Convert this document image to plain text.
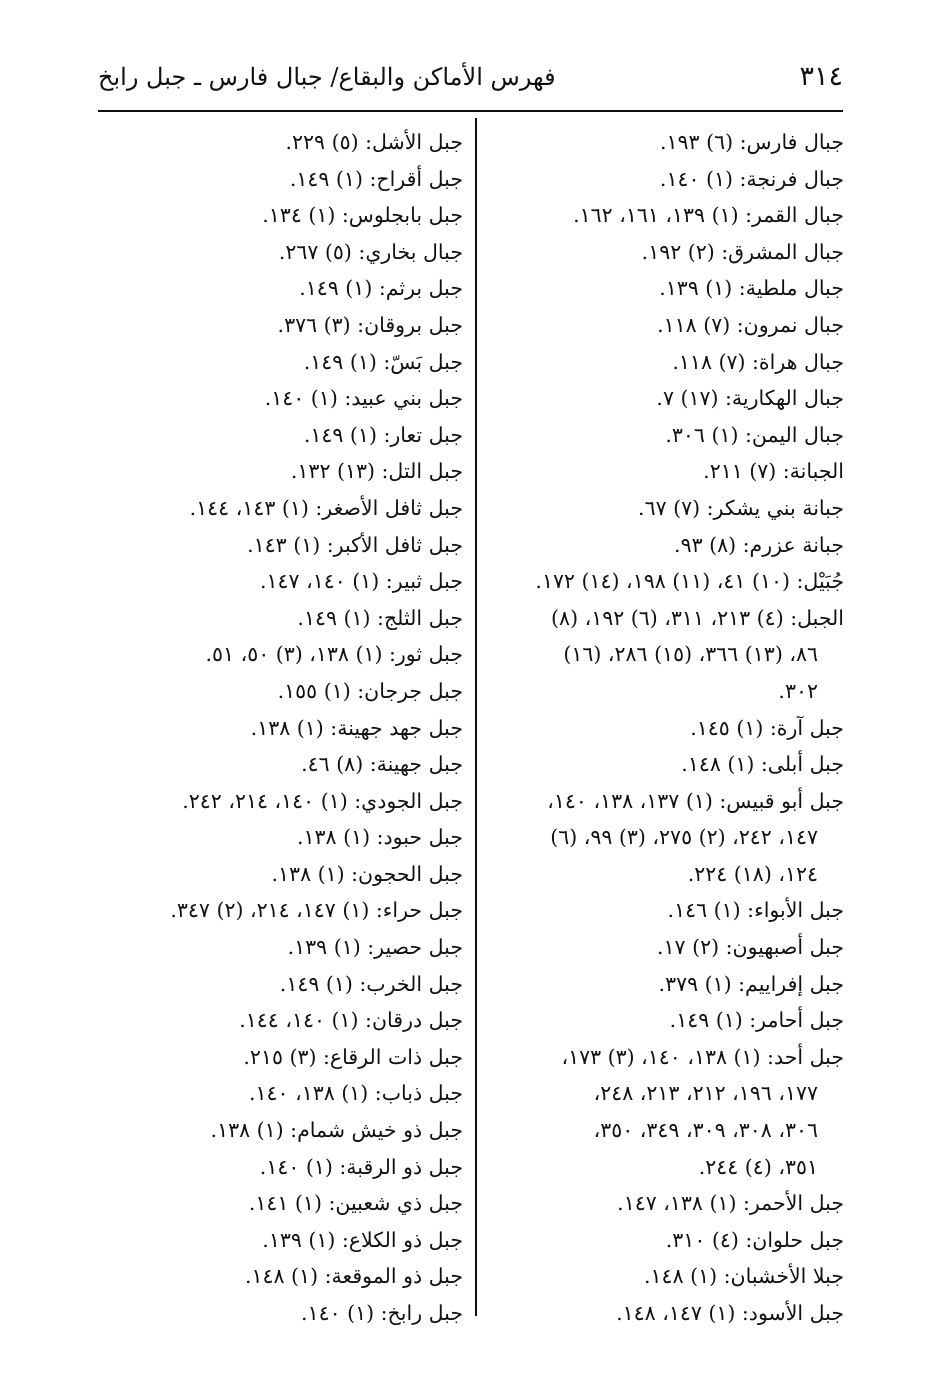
٣١٤
فهرس الأماكن والبقاع/ جبال فارس ـ جبل رابخ
جبال فارس: (٦) ١٩٣.
جبال فرنجة: (١) ١٤٠.
جبال القمر: (١) ١٣٩، ١٦١، ١٦٢.
جبال المشرق: (٢) ١٩٢.
جبال ملطية: (١) ١٣٩.
جبال نمرون: (٧) ١١٨.
جبال هراة: (٧) ١١٨.
جبال الهكارية: (١٧) ٧.
جبال اليمن: (١) ٣٠٦.
الجبانة: (٧) ٢١١.
جبانة بني يشكر: (٧) ٦٧.
جبانة عزرم: (٨) ٩٣.
جُبَيْل: (١٠) ٤١، (١١) ١٩٨، (١٤) ١٧٢.
الجبل: (٤) ٢١٣، ٣١١، (٦) ١٩٢، (٨)
٨٦، (١٣) ٣٦٦، (١٥) ٢٨٦، (١٦)
٣٠٢.
جبل آرة: (١) ١٤٥.
جبل أبلى: (١) ١٤٨.
جبل أبو قبيس: (١) ١٣٧، ١٣٨، ١٤٠،
١٤٧، ٢٤٢، (٢) ٢٧٥، (٣) ٩٩، (٦)
١٢٤، (١٨) ٢٢٤.
جبل الأبواء: (١) ١٤٦.
جبل أصبهيون: (٢) ١٧.
جبل إفراييم: (١) ٣٧٩.
جبل أحامر: (١) ١٤٩.
جبل أحد: (١) ١٣٨، ١٤٠، (٣) ١٧٣،
١٧٧، ١٩٦، ٢١٢، ٢١٣، ٢٤٨،
٣٠٦، ٣٠٨، ٣٠٩، ٣٤٩، ٣٥٠،
٣٥١، (٤) ٢٤٤.
جبل الأحمر: (١) ١٣٨، ١٤٧.
جبل حلوان: (٤) ٣١٠.
جبلا الأخشبان: (١) ١٤٨.
جبل الأسود: (١) ١٤٧، ١٤٨.
جبل الأشل: (٥) ٢٢٩.
جبل أقراح: (١) ١٤٩.
جبل بابجلوس: (١) ١٣٤.
جبال بخاري: (٥) ٢٦٧.
جبل برثم: (١) ١٤٩.
جبل بروقان: (٣) ٣٧٦.
جبل بَسّ: (١) ١٤٩.
جبل بني عبيد: (١) ١٤٠.
جبل تعار: (١) ١٤٩.
جبل التل: (١٣) ١٣٢.
جبل ثافل الأصغر: (١) ١٤٣، ١٤٤.
جبل ثافل الأكبر: (١) ١٤٣.
جبل ثبير: (١) ١٤٠، ١٤٧.
جبل الثلج: (١) ١٤٩.
جبل ثور: (١) ١٣٨، (٣) ٥٠، ٥١.
جبل جرجان: (١) ١٥٥.
جبل جهد جهينة: (١) ١٣٨.
جبل جهينة: (٨) ٤٦.
جبل الجودي: (١) ١٤٠، ٢١٤، ٢٤٢.
جبل حبود: (١) ١٣٨.
جبل الحجون: (١) ١٣٨.
جبل حراء: (١) ١٤٧، ٢١٤، (٢) ٣٤٧.
جبل حصير: (١) ١٣٩.
جبل الخرب: (١) ١٤٩.
جبل درقان: (١) ١٤٠، ١٤٤.
جبل ذات الرقاع: (٣) ٢١٥.
جبل ذباب: (١) ١٣٨، ١٤٠.
جبل ذو خيش شمام: (١) ١٣٨.
جبل ذو الرقبة: (١) ١٤٠.
جبل ذي شعبين: (١) ١٤١.
جبل ذو الكلاع: (١) ١٣٩.
جبل ذو الموقعة: (١) ١٤٨.
جبل رابخ: (١) ١٤٠.
